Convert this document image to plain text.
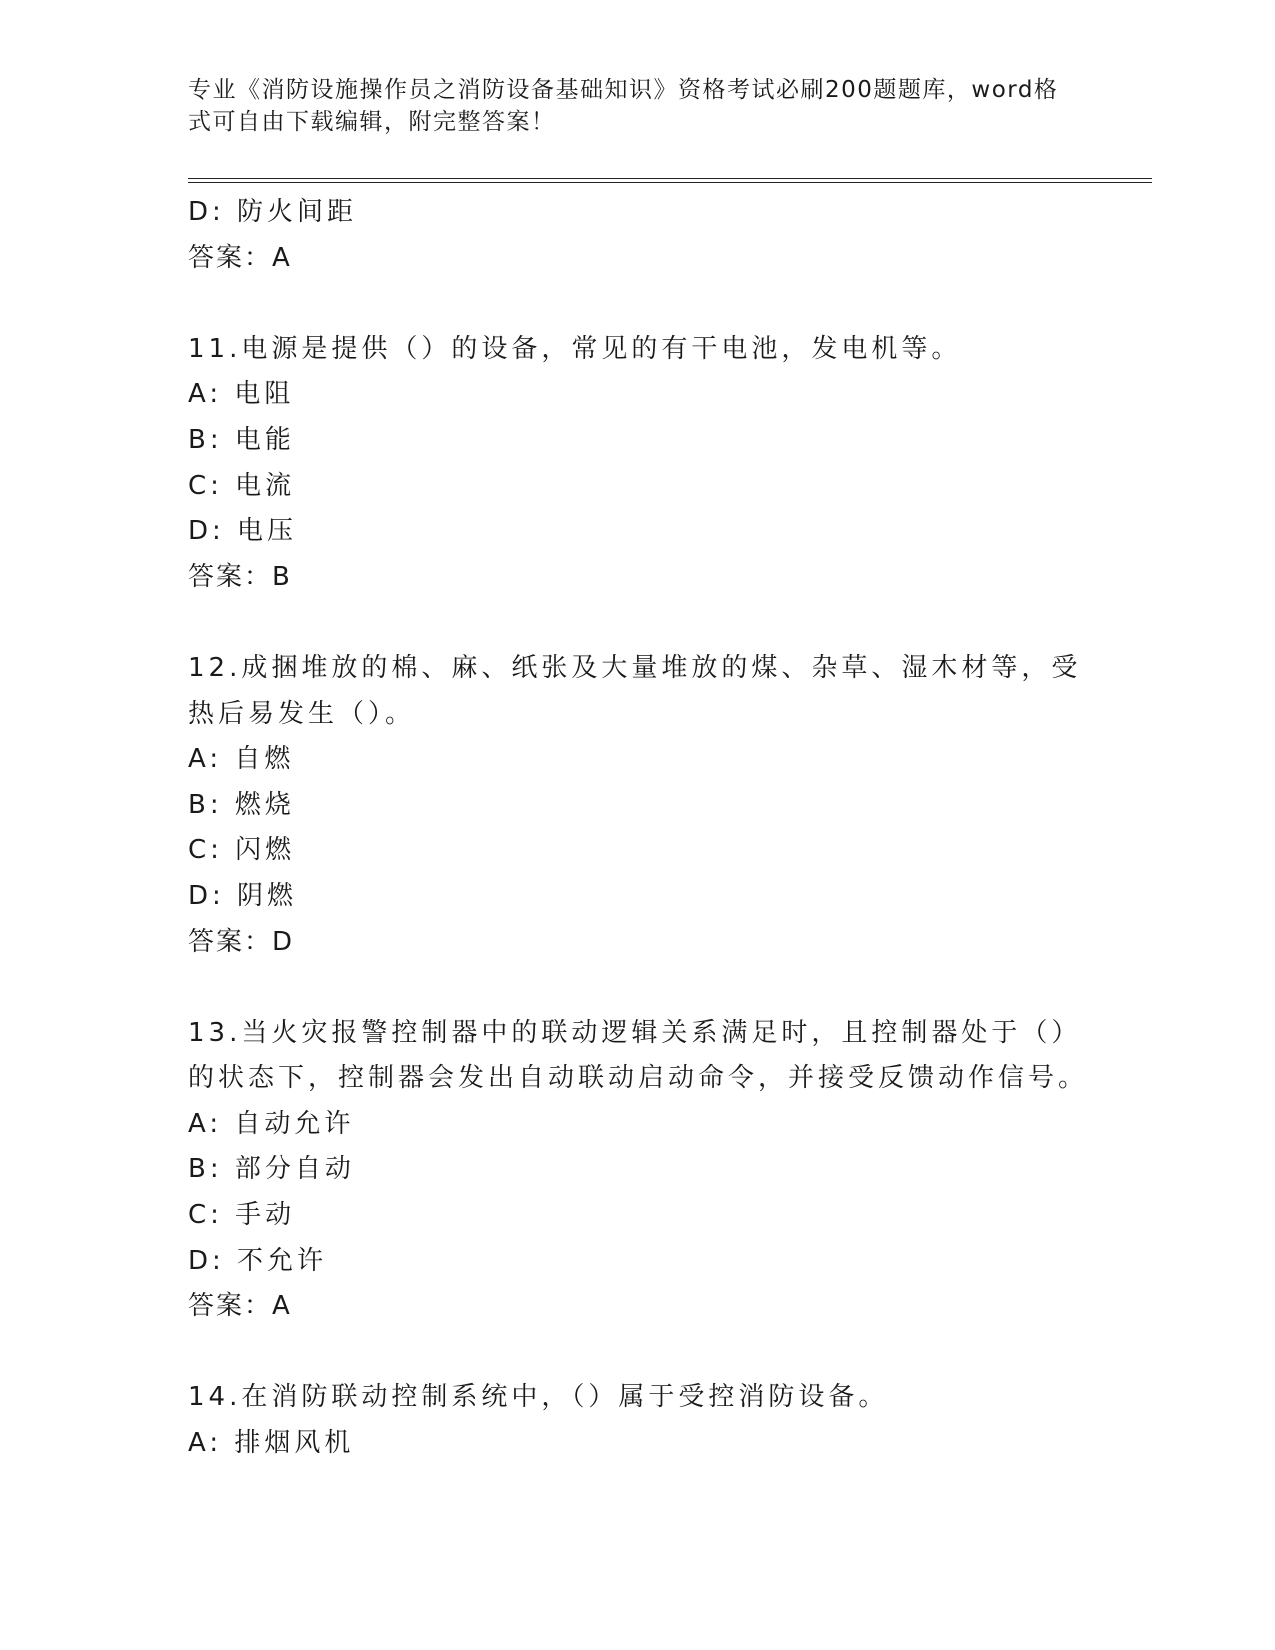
专业《消防设施操作员之消防设备基础知识》资格考试必刷200题题库，word格式可自由下载编辑，附完整答案！
D: 防火间距
答案：A
11.电源是提供（）的设备，常见的有干电池，发电机等。
A: 电阻
B: 电能
C: 电流
D: 电压
答案：B
12.成捆堆放的棉、麻、纸张及大量堆放的煤、杂草、湿木材等，受热后易发生（）。
A: 自燃
B: 燃烧
C: 闪燃
D: 阴燃
答案：D
13.当火灾报警控制器中的联动逻辑关系满足时，且控制器处于（）的状态下，控制器会发出自动联动启动命令，并接受反馈动作信号。
A: 自动允许
B: 部分自动
C: 手动
D: 不允许
答案：A
14.在消防联动控制系统中，（）属于受控消防设备。
A: 排烟风机
